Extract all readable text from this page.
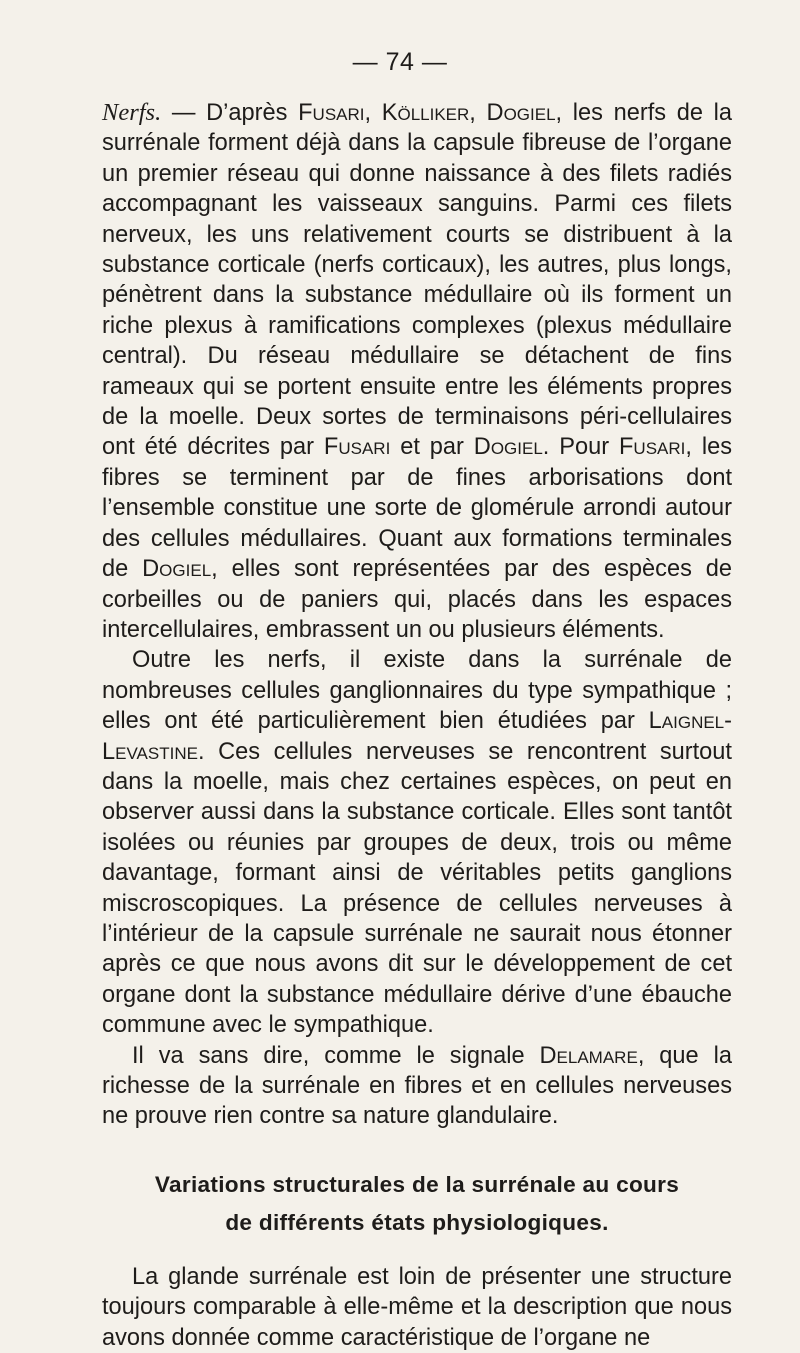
— 74 —

Nerfs. — D’après Fusari, Kölliker, Dogiel, les nerfs de la surrénale forment déjà dans la capsule fibreuse de l’organe un premier réseau qui donne naissance à des filets radiés accompagnant les vaisseaux sanguins. Parmi ces filets nerveux, les uns relativement courts se distribuent à la substance corticale (nerfs corticaux), les autres, plus longs, pénètrent dans la substance médullaire où ils forment un riche plexus à ramifications complexes (plexus médullaire central). Du réseau médullaire se détachent de fins rameaux qui se portent ensuite entre les éléments propres de la moelle. Deux sortes de terminaisons péri-cellulaires ont été décrites par Fusari et par Dogiel. Pour Fusari, les fibres se terminent par de fines arborisations dont l’ensemble constitue une sorte de glomérule arrondi autour des cellules médullaires. Quant aux formations terminales de Dogiel, elles sont représentées par des espèces de corbeilles ou de paniers qui, placés dans les espaces intercellulaires, embrassent un ou plusieurs éléments.

Outre les nerfs, il existe dans la surrénale de nombreuses cellules ganglionnaires du type sympathique ; elles ont été particulièrement bien étudiées par Laignel-Levastine. Ces cellules nerveuses se rencontrent surtout dans la moelle, mais chez certaines espèces, on peut en observer aussi dans la substance corticale. Elles sont tantôt isolées ou réunies par groupes de deux, trois ou même davantage, formant ainsi de véritables petits ganglions miscroscopiques. La présence de cellules nerveuses à l’intérieur de la capsule surrénale ne saurait nous étonner après ce que nous avons dit sur le développement de cet organe dont la substance médullaire dérive d’une ébauche commune avec le sympathique.

Il va sans dire, comme le signale Delamare, que la richesse de la surrénale en fibres et en cellules nerveuses ne prouve rien contre sa nature glandulaire.

Variations structurales de la surrénale au cours
de différents états physiologiques.

La glande surrénale est loin de présenter une structure toujours comparable à elle-même et la description que nous avons donnée comme caractéristique de l’organe ne
